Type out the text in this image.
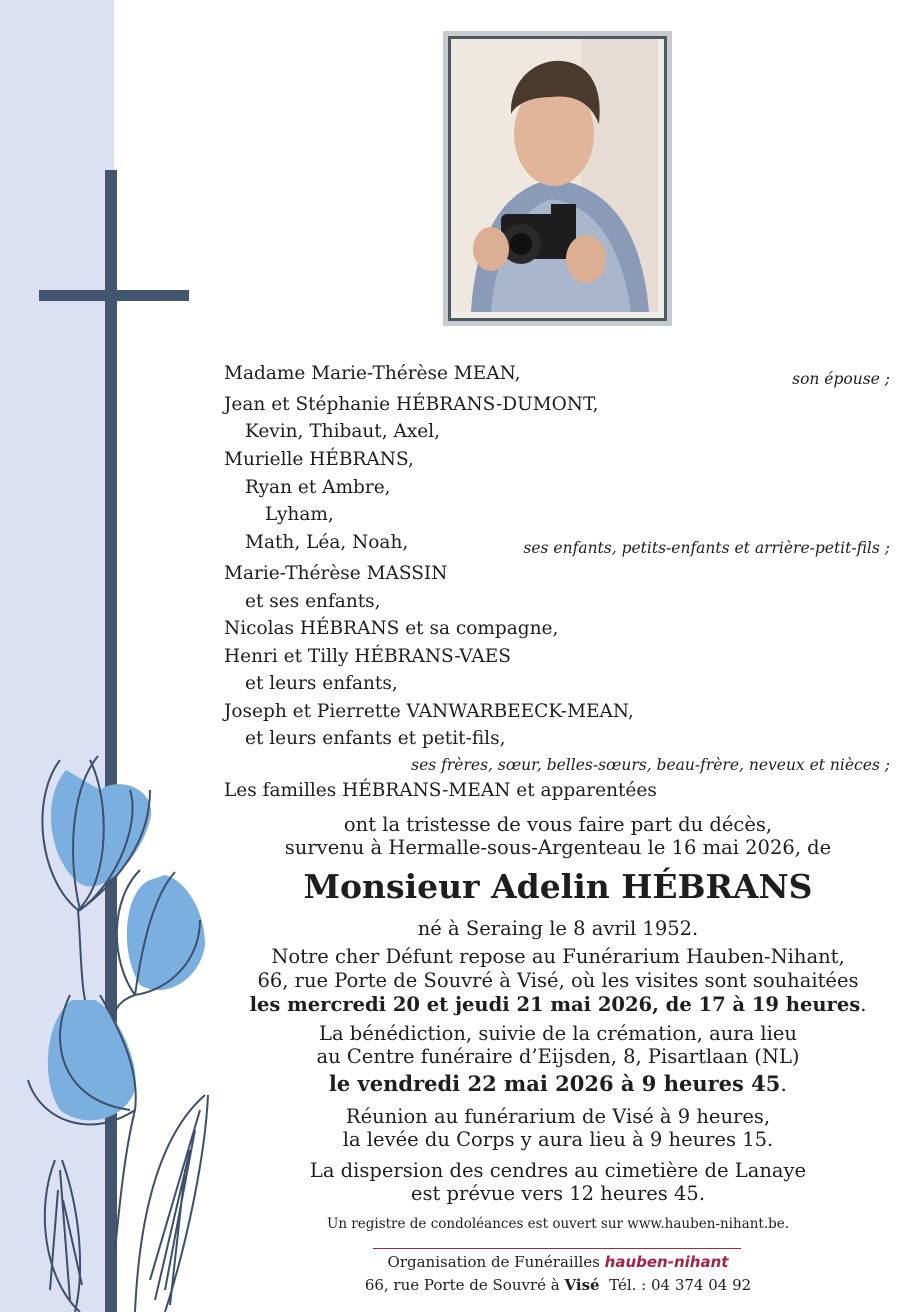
Madame Marie-Thérèse MEAN,
Jean et Stéphanie HÉBRANS-DUMONT,
Kevin, Thibaut, Axel,
Murielle HÉBRANS,
Ryan et Ambre,
Lyham,
Math, Léa, Noah,
Marie-Thérèse MASSIN
et ses enfants,
Nicolas HÉBRANS et sa compagne,
Henri et Tilly HÉBRANS-VAES
et leurs enfants,
Joseph et Pierrette VANWARBEECK-MEAN,
et leurs enfants et petit-fils,
Les familles HÉBRANS-MEAN et apparentées
son épouse ;
ses enfants, petits-enfants et arrière-petit-fils ;
ses frères, sœur, belles-sœurs, beau-frère, neveux et nièces ;
ont la tristesse de vous faire part du décès,
survenu à Hermalle-sous-Argenteau le 16 mai 2026, de
Monsieur Adelin HÉBRANS
né à Seraing le 8 avril 1952.
Notre cher Défunt repose au Funérarium Hauben-Nihant,
66, rue Porte de Souvré à Visé, où les visites sont souhaitées
les mercredi 20 et jeudi 21 mai 2026, de 17 à 19 heures.
La bénédiction, suivie de la crémation, aura lieu
au Centre funéraire d’Eijsden, 8, Pisartlaan (NL)
le vendredi 22 mai 2026 à 9 heures 45.
Réunion au funérarium de Visé à 9 heures,
la levée du Corps y aura lieu à 9 heures 15.
La dispersion des cendres au cimetière de Lanaye
est prévue vers 12 heures 45.
Un registre de condoléances est ouvert sur www.hauben-nihant.be.
Organisation de Funérailles hauben-nihant
66, rue Porte de Souvré à Visé Tél. : 04 374 04 92
